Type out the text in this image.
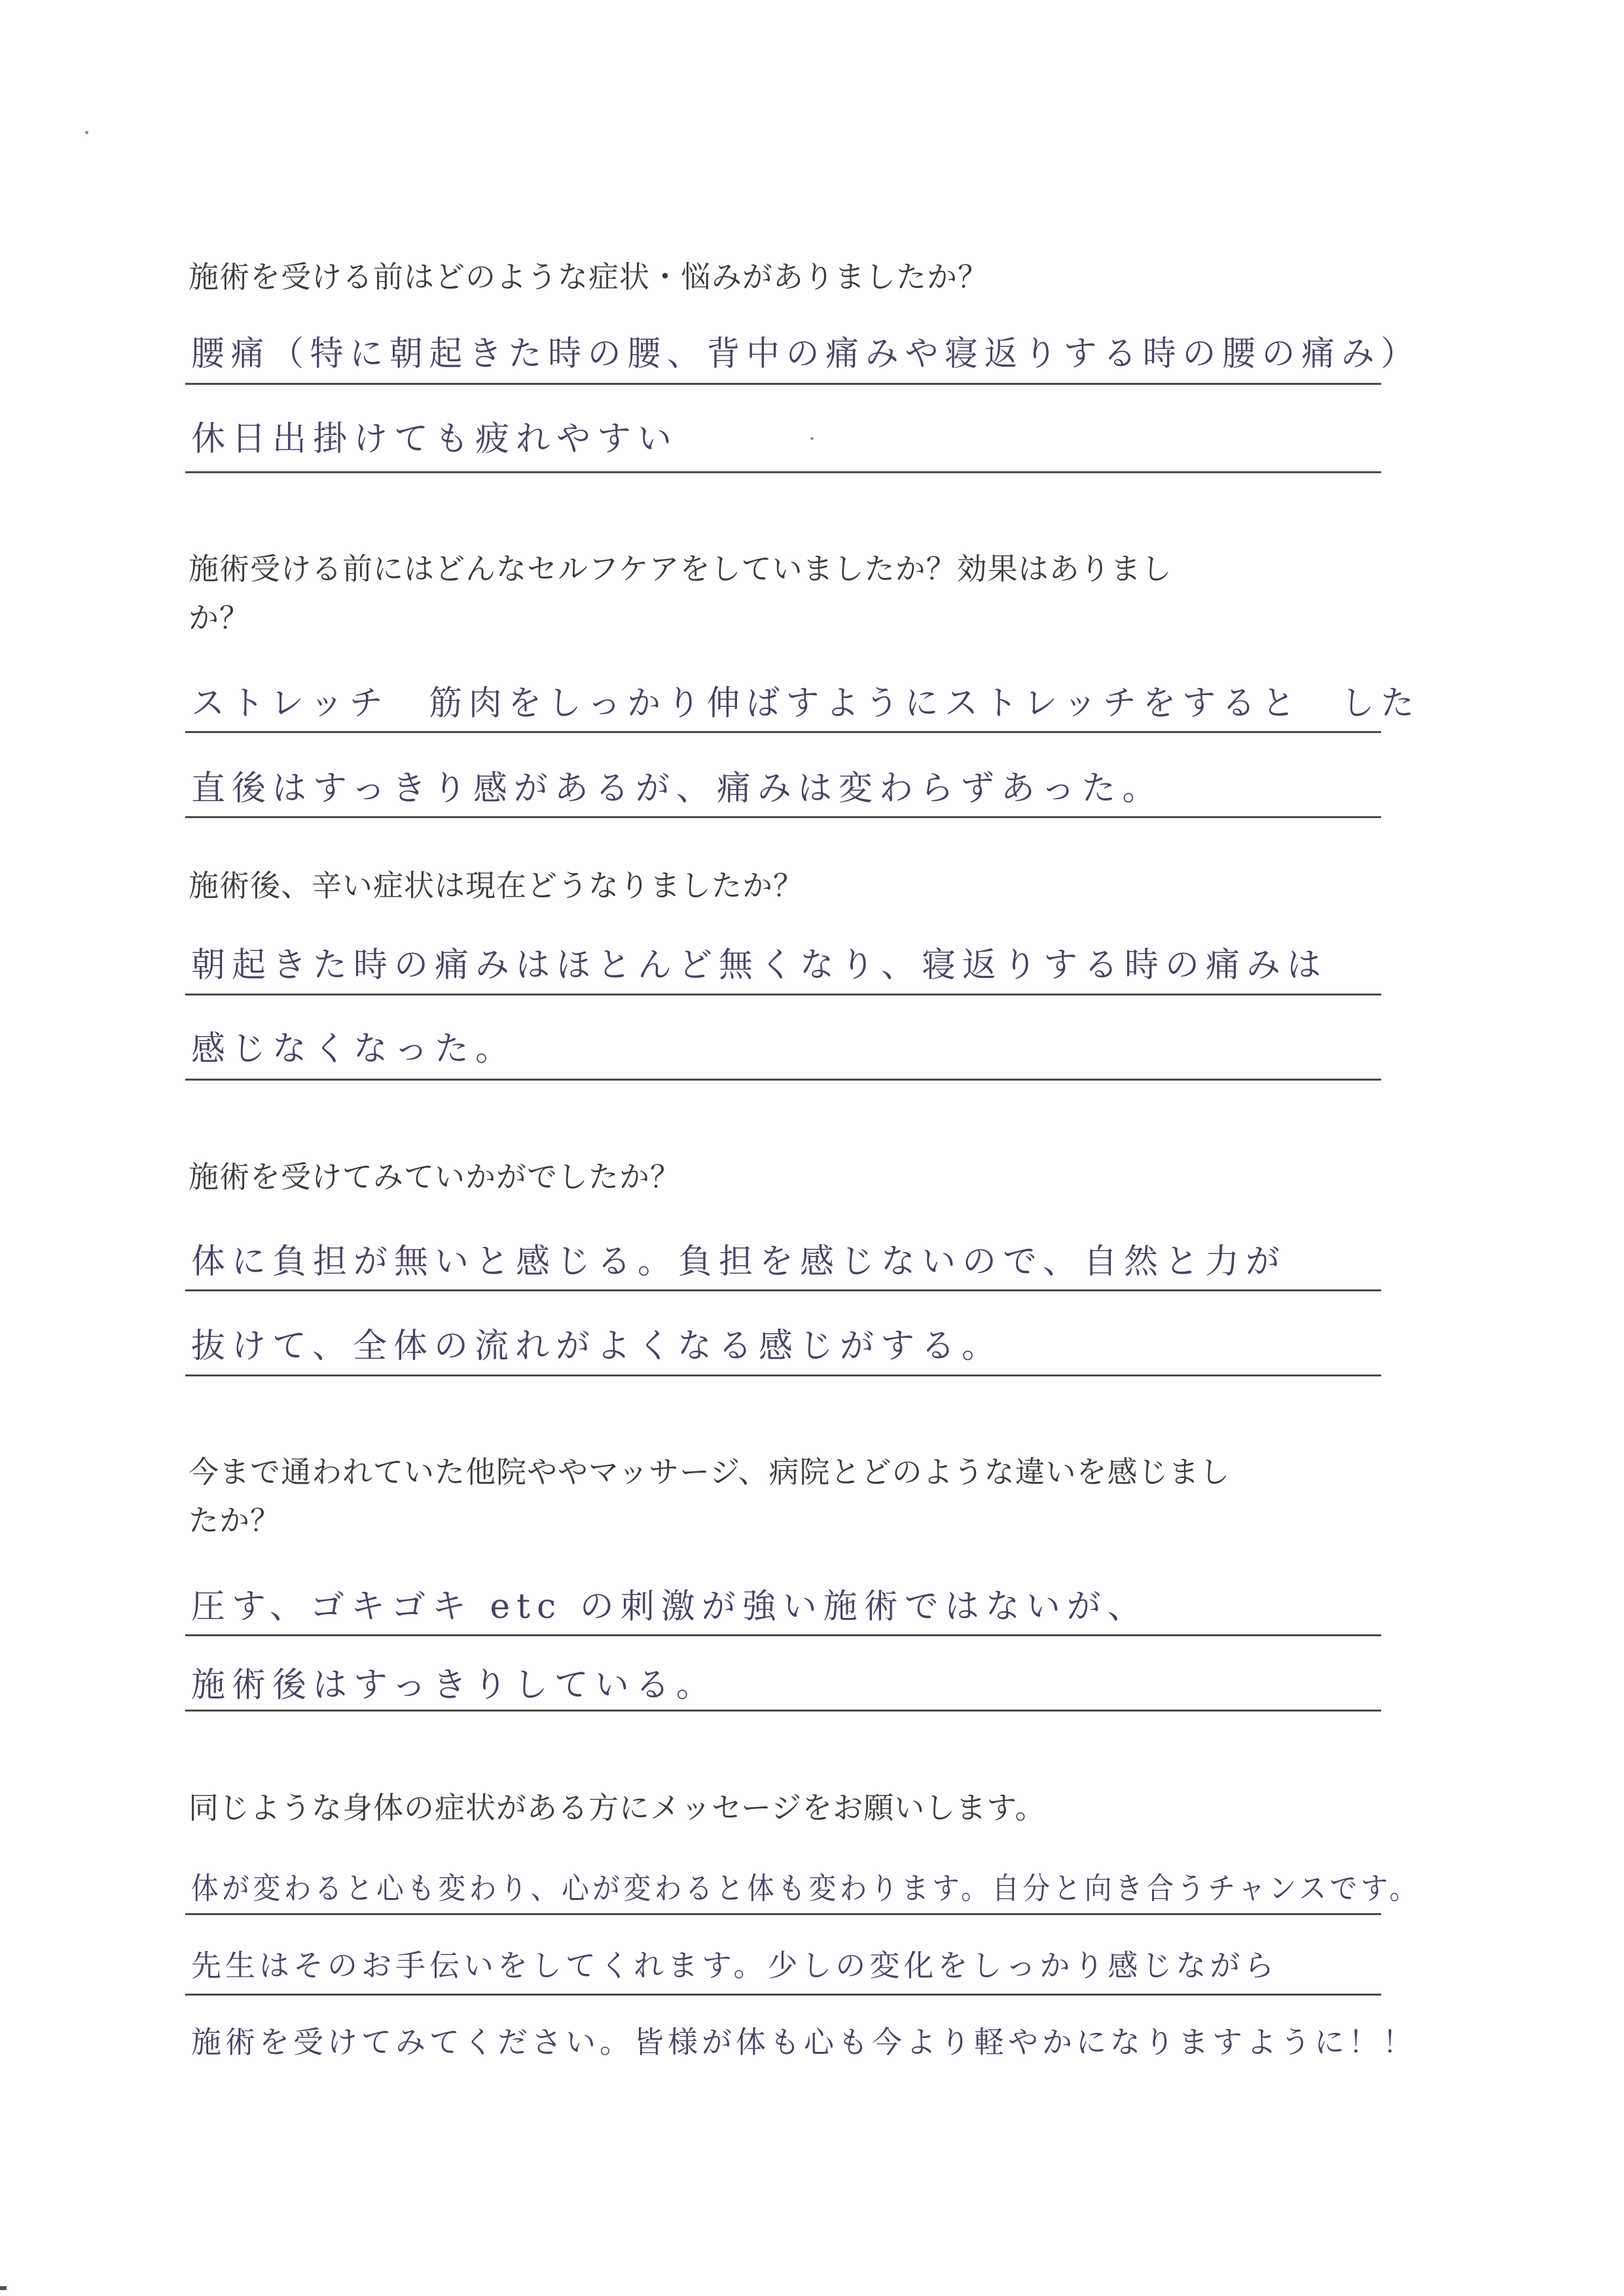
施術を受ける前はどのような症状・悩みがありましたか？
腰痛（特に朝起きた時の腰、背中の痛みや寝返りする時の腰の痛み）
休日出掛けても疲れやすい
施術受ける前にはどんなセルフケアをしていましたか？効果はありまし
か？
ストレッチ　筋肉をしっかり伸ばすようにストレッチをすると　した
直後はすっきり感があるが、痛みは変わらずあった。
施術後、辛い症状は現在どうなりましたか？
朝起きた時の痛みはほとんど無くなり、寝返りする時の痛みは
感じなくなった。
施術を受けてみていかがでしたか？
体に負担が無いと感じる。負担を感じないので、自然と力が
抜けて、全体の流れがよくなる感じがする。
今まで通われていた他院ややマッサージ、病院とどのような違いを感じまし
たか？
圧す、ゴキゴキ etc の刺激が強い施術ではないが、
施術後はすっきりしている。
同じような身体の症状がある方にメッセージをお願いします。
体が変わると心も変わり、心が変わると体も変わります。自分と向き合うチャンスです。
先生はそのお手伝いをしてくれます。少しの変化をしっかり感じながら
施術を受けてみてください。皆様が体も心も今より軽やかになりますように！！
